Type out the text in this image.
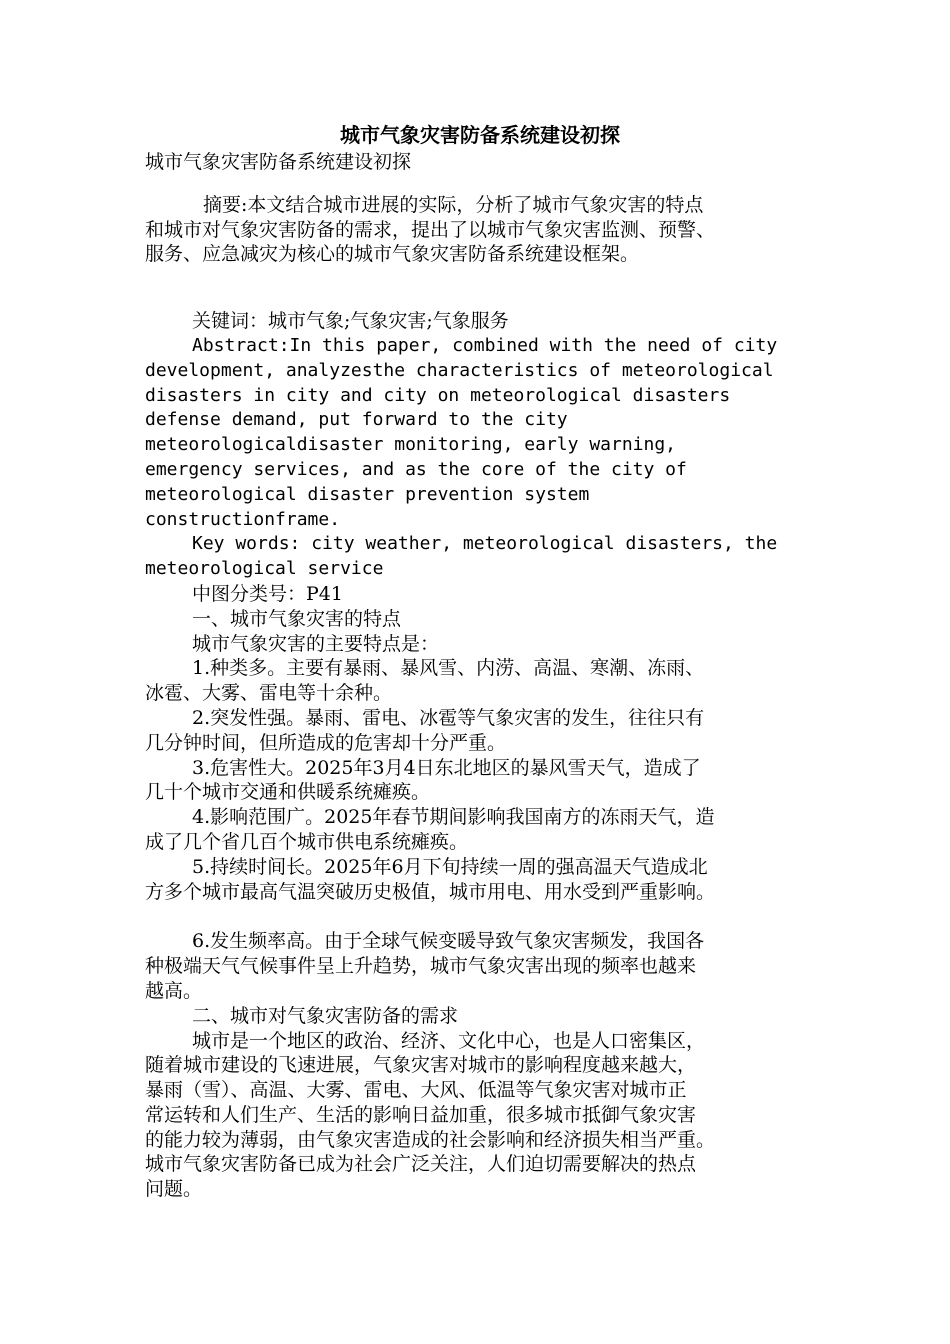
城市气象灾害防备系统建设初探

城市气象灾害防备系统建设初探

摘要:本文结合城市进展的实际，分析了城市气象灾害的特点

和城市对气象灾害防备的需求，提出了以城市气象灾害监测、预警、

服务、应急减灾为核心的城市气象灾害防备系统建设框架。

关键词：城市气象;气象灾害;气象服务

Abstract:In this paper, combined with the need of city

development, analyzesthe characteristics of meteorological

disasters in city and city on meteorological disasters

defense demand, put forward to the city

meteorologicaldisaster monitoring, early warning,

emergency services, and as the core of the city of

meteorological disaster prevention system

constructionframe.

Key words: city weather, meteorological disasters, the

meteorological service

中图分类号：P41

一、城市气象灾害的特点

城市气象灾害的主要特点是：

1.种类多。主要有暴雨、暴风雪、内涝、高温、寒潮、冻雨、

冰雹、大雾、雷电等十余种。

2.突发性强。暴雨、雷电、冰雹等气象灾害的发生，往往只有

几分钟时间，但所造成的危害却十分严重。

3.危害性大。2025年3月4日东北地区的暴风雪天气，造成了

几十个城市交通和供暖系统瘫痪。

4.影响范围广。2025年春节期间影响我国南方的冻雨天气，造

成了几个省几百个城市供电系统瘫痪。

5.持续时间长。2025年6月下旬持续一周的强高温天气造成北

方多个城市最高气温突破历史极值，城市用电、用水受到严重影响。

6.发生频率高。由于全球气候变暖导致气象灾害频发，我国各

种极端天气气候事件呈上升趋势，城市气象灾害出现的频率也越来

越高。

二、城市对气象灾害防备的需求

城市是一个地区的政治、经济、文化中心，也是人口密集区，

随着城市建设的飞速进展，气象灾害对城市的影响程度越来越大，

暴雨（雪）、高温、大雾、雷电、大风、低温等气象灾害对城市正

常运转和人们生产、生活的影响日益加重，很多城市抵御气象灾害

的能力较为薄弱，由气象灾害造成的社会影响和经济损失相当严重。

城市气象灾害防备已成为社会广泛关注，人们迫切需要解决的热点

问题。
